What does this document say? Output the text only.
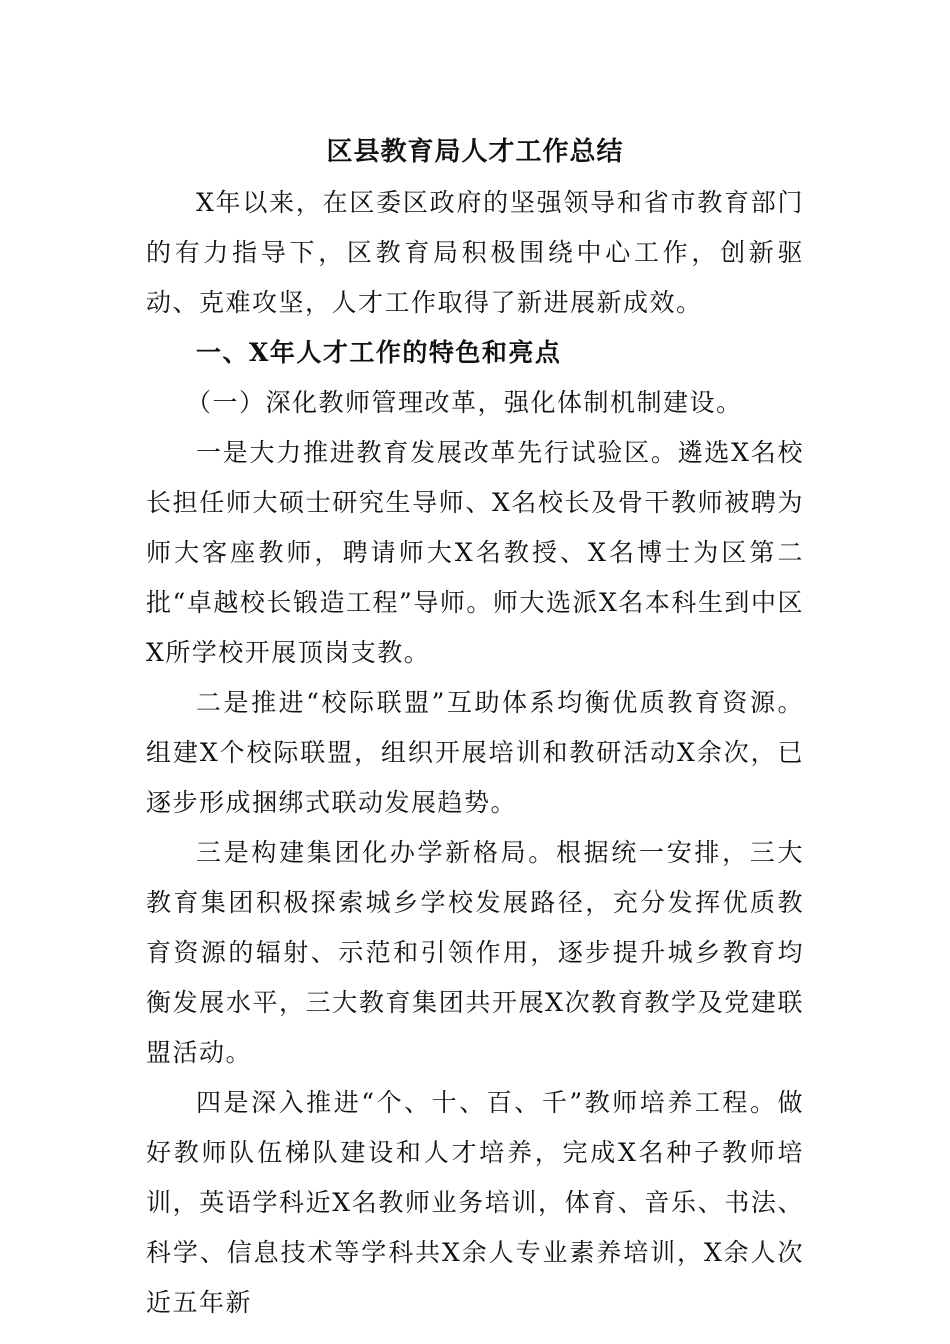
区县教育局人才工作总结

X年以来，在区委区政府的坚强领导和省市教育部门的有力指导下，区教育局积极围绕中心工作，创新驱动、克难攻坚，人才工作取得了新进展新成效。

一、X年人才工作的特色和亮点

（一）深化教师管理改革，强化体制机制建设。

一是大力推进教育发展改革先行试验区。遴选X名校长担任师大硕士研究生导师、X名校长及骨干教师被聘为师大客座教师，聘请师大X名教授、X名博士为区第二批“卓越校长锻造工程”导师。师大选派X名本科生到中区X所学校开展顶岗支教。

二是推进“校际联盟”互助体系均衡优质教育资源。组建X个校际联盟，组织开展培训和教研活动X余次，已逐步形成捆绑式联动发展趋势。

三是构建集团化办学新格局。根据统一安排，三大教育集团积极探索城乡学校发展路径，充分发挥优质教育资源的辐射、示范和引领作用，逐步提升城乡教育均衡发展水平，三大教育集团共开展X次教育教学及党建联盟活动。

四是深入推进“个、十、百、千”教师培养工程。做好教师队伍梯队建设和人才培养，完成X名种子教师培训，英语学科近X名教师业务培训，体育、音乐、书法、科学、信息技术等学科共X余人专业素养培训，X余人次近五年新
